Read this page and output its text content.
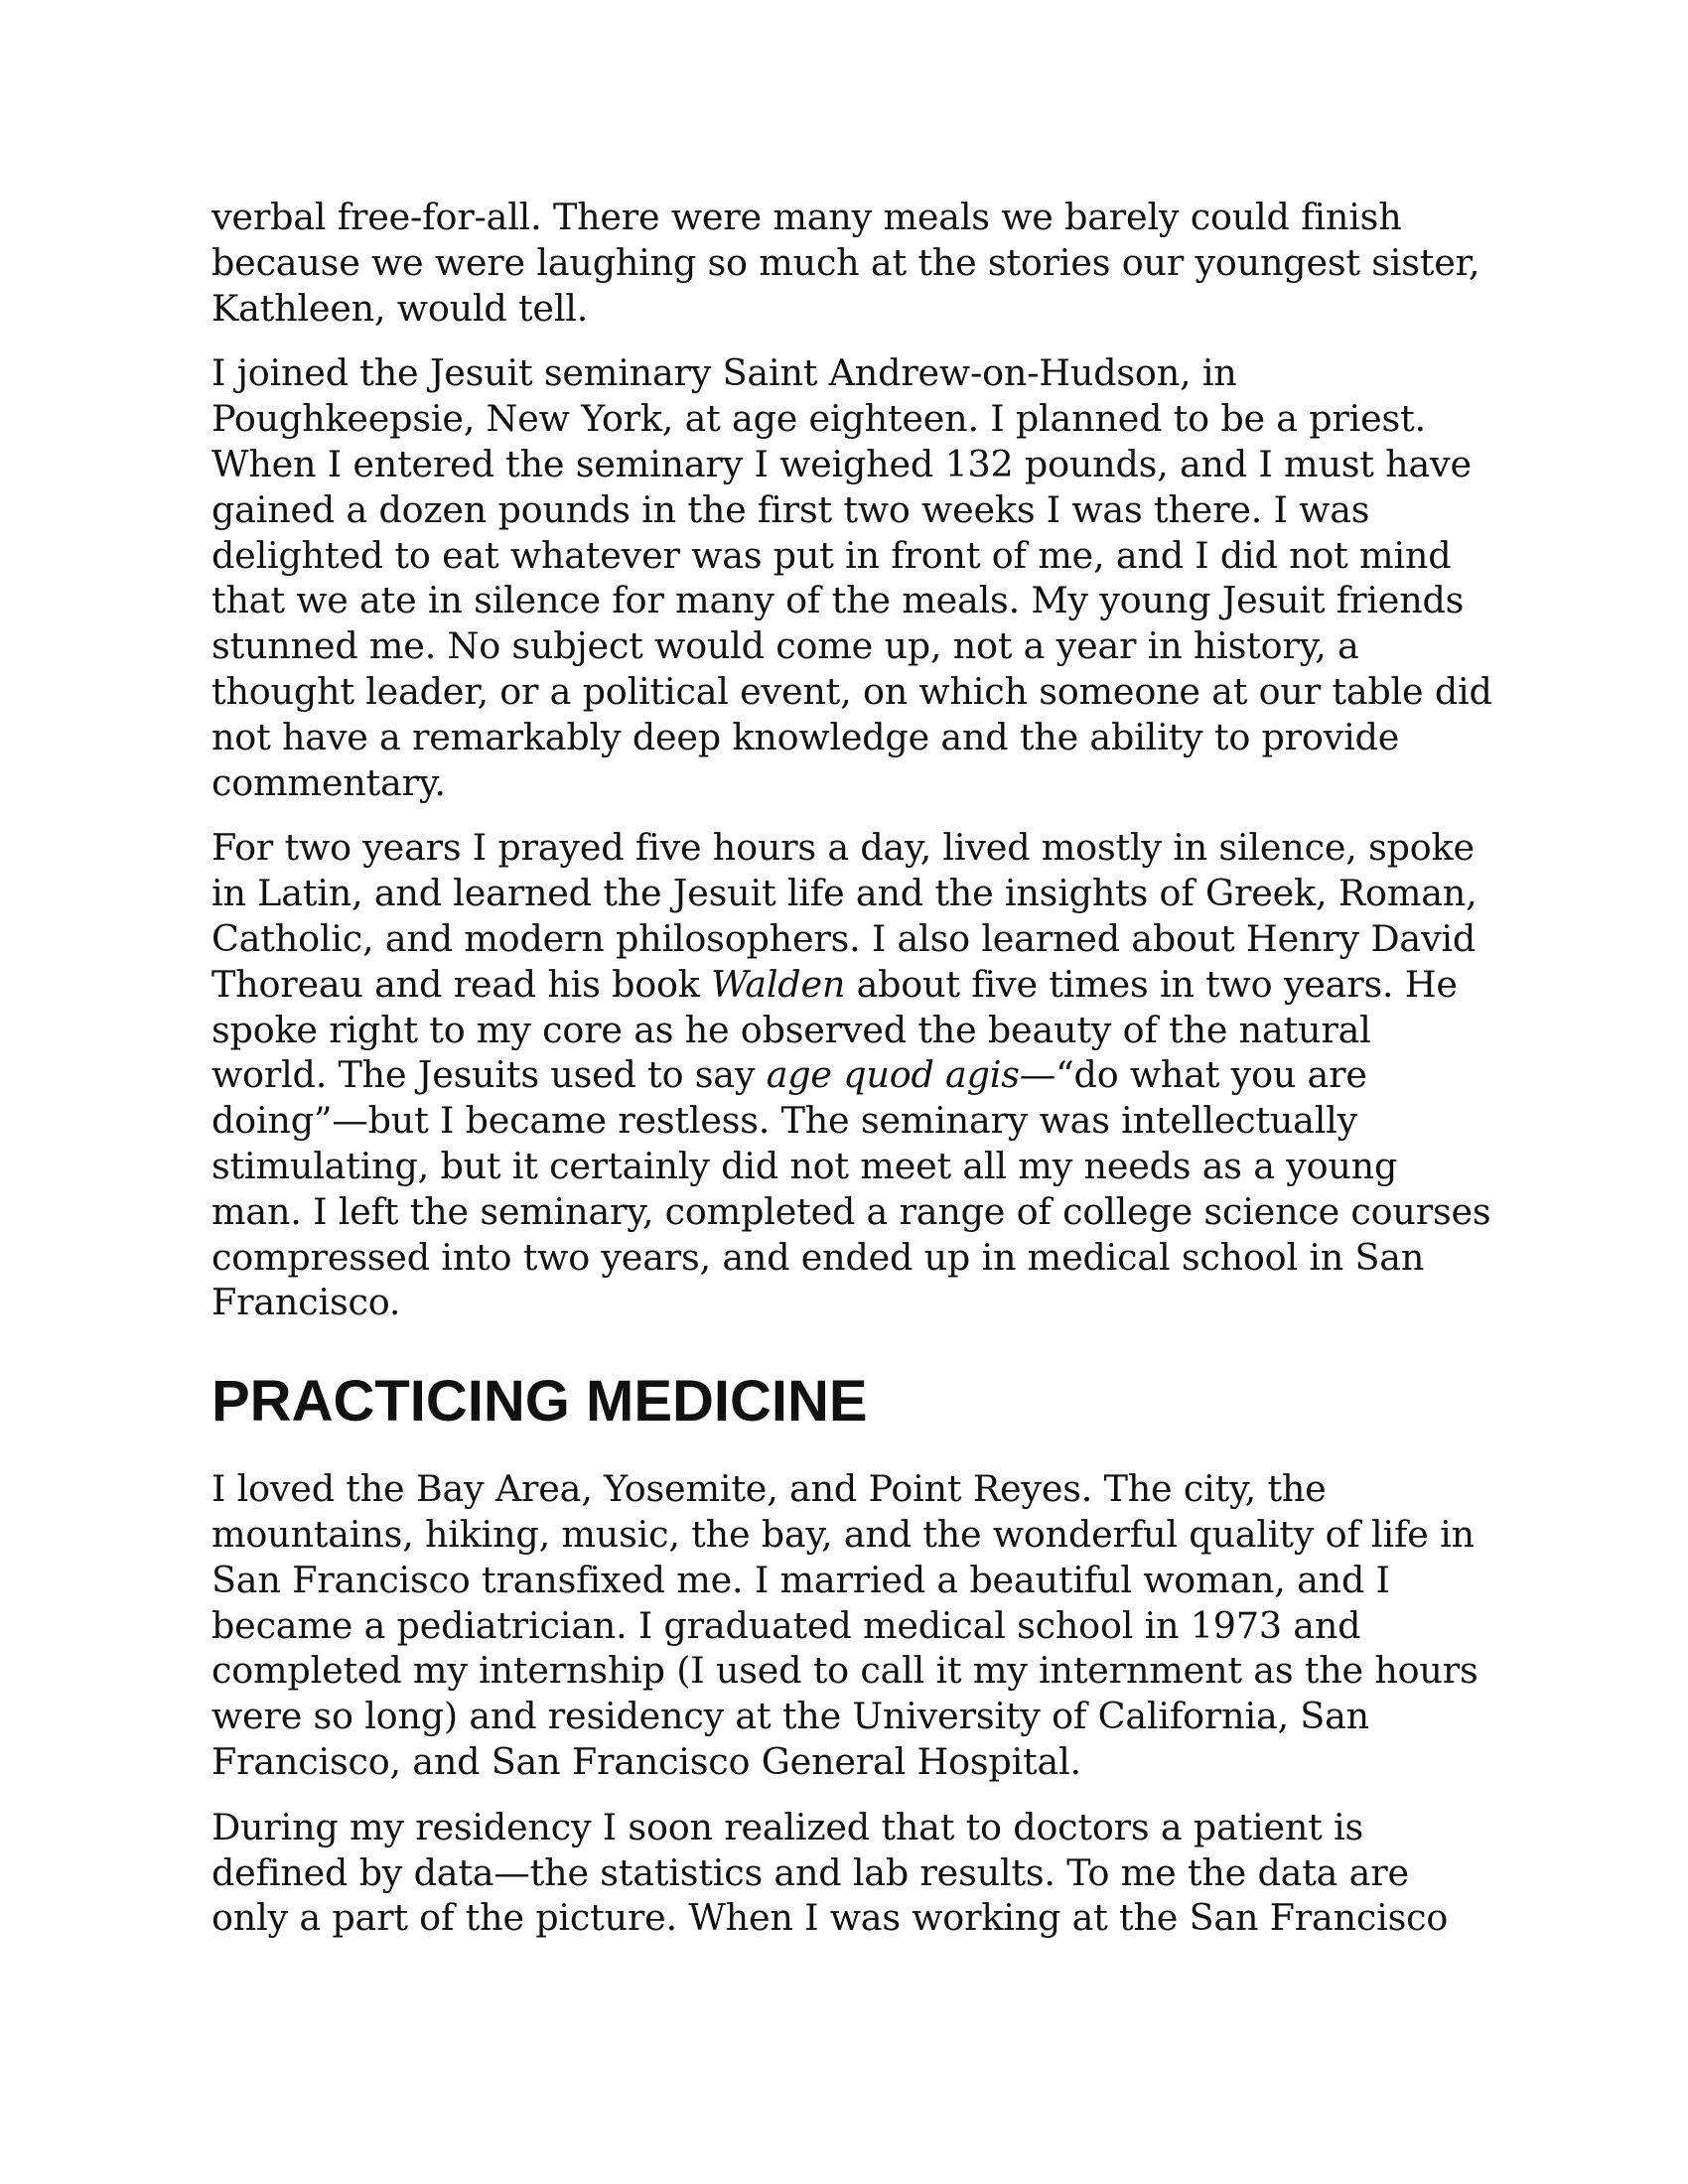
verbal free-for-all. There were many meals we barely could finish because we were laughing so much at the stories our youngest sister, Kathleen, would tell.

I joined the Jesuit seminary Saint Andrew-on-Hudson, in Poughkeepsie, New York, at age eighteen. I planned to be a priest. When I entered the seminary I weighed 132 pounds, and I must have gained a dozen pounds in the first two weeks I was there. I was delighted to eat whatever was put in front of me, and I did not mind that we ate in silence for many of the meals. My young Jesuit friends stunned me. No subject would come up, not a year in history, a thought leader, or a political event, on which someone at our table did not have a remarkably deep knowledge and the ability to provide commentary.

For two years I prayed five hours a day, lived mostly in silence, spoke in Latin, and learned the Jesuit life and the insights of Greek, Roman, Catholic, and modern philosophers. I also learned about Henry David Thoreau and read his book Walden about five times in two years. He spoke right to my core as he observed the beauty of the natural world. The Jesuits used to say age quod agis—“do what you are doing”—but I became restless. The seminary was intellectually stimulating, but it certainly did not meet all my needs as a young man. I left the seminary, completed a range of college science courses compressed into two years, and ended up in medical school in San Francisco.

PRACTICING MEDICINE

I loved the Bay Area, Yosemite, and Point Reyes. The city, the mountains, hiking, music, the bay, and the wonderful quality of life in San Francisco transfixed me. I married a beautiful woman, and I became a pediatrician. I graduated medical school in 1973 and completed my internship (I used to call it my internment as the hours were so long) and residency at the University of California, San Francisco, and San Francisco General Hospital.

During my residency I soon realized that to doctors a patient is defined by data—the statistics and lab results. To me the data are only a part of the picture. When I was working at the San Francisco
